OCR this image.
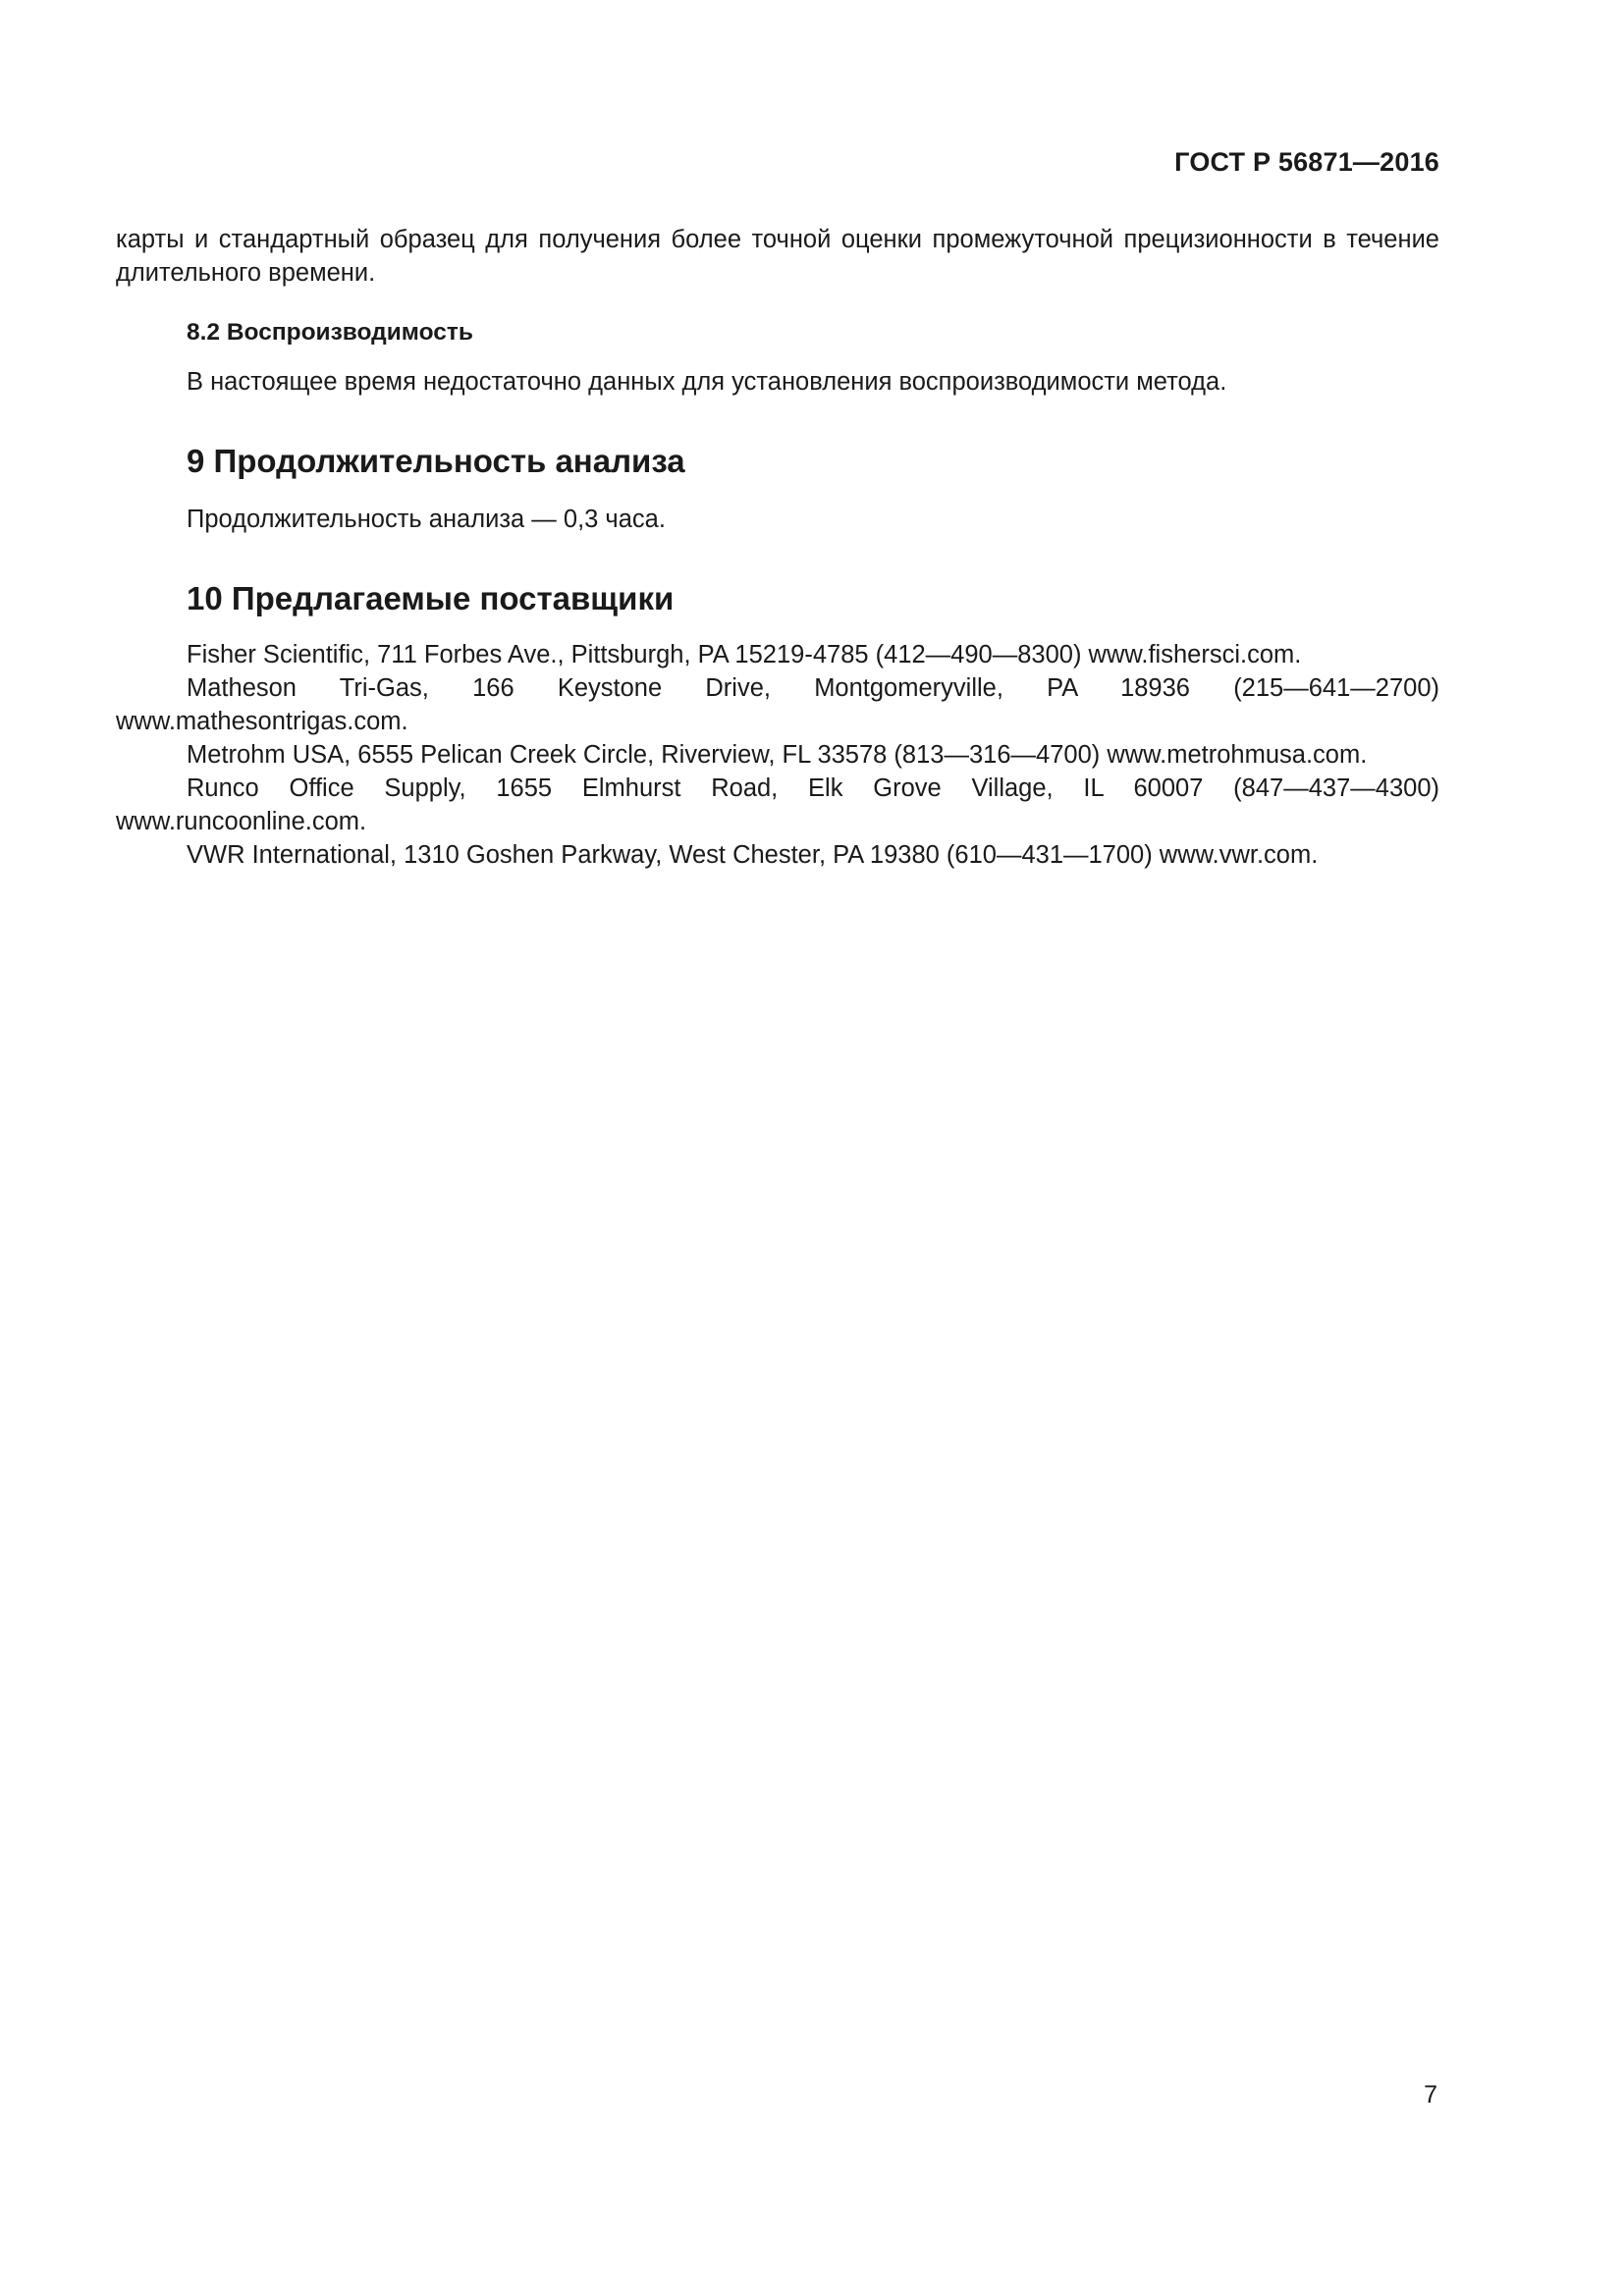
ГОСТ Р 56871—2016

карты и стандартный образец для получения более точной оценки промежуточной прецизионности в течение длительного времени.

8.2 Воспроизводимость

В настоящее время недостаточно данных для установления воспроизводимости метода.

9 Продолжительность анализа

Продолжительность анализа — 0,3 часа.

10 Предлагаемые поставщики

Fisher Scientific, 711 Forbes Ave., Pittsburgh, PA 15219-4785 (412—490—8300) www.fishersci.com.

Matheson Tri-Gas, 166 Keystone Drive, Montgomeryville, PA 18936 (215—641—2700) www.mathesontrigas.com.

Metrohm USA, 6555 Pelican Creek Circle, Riverview, FL 33578 (813—316—4700) www.metrohmusa.com.

Runco Office Supply, 1655 Elmhurst Road, Elk Grove Village, IL 60007 (847—437—4300) www.runcoonline.com.

VWR International, 1310 Goshen Parkway, West Chester, PA 19380 (610—431—1700) www.vwr.com.

7
